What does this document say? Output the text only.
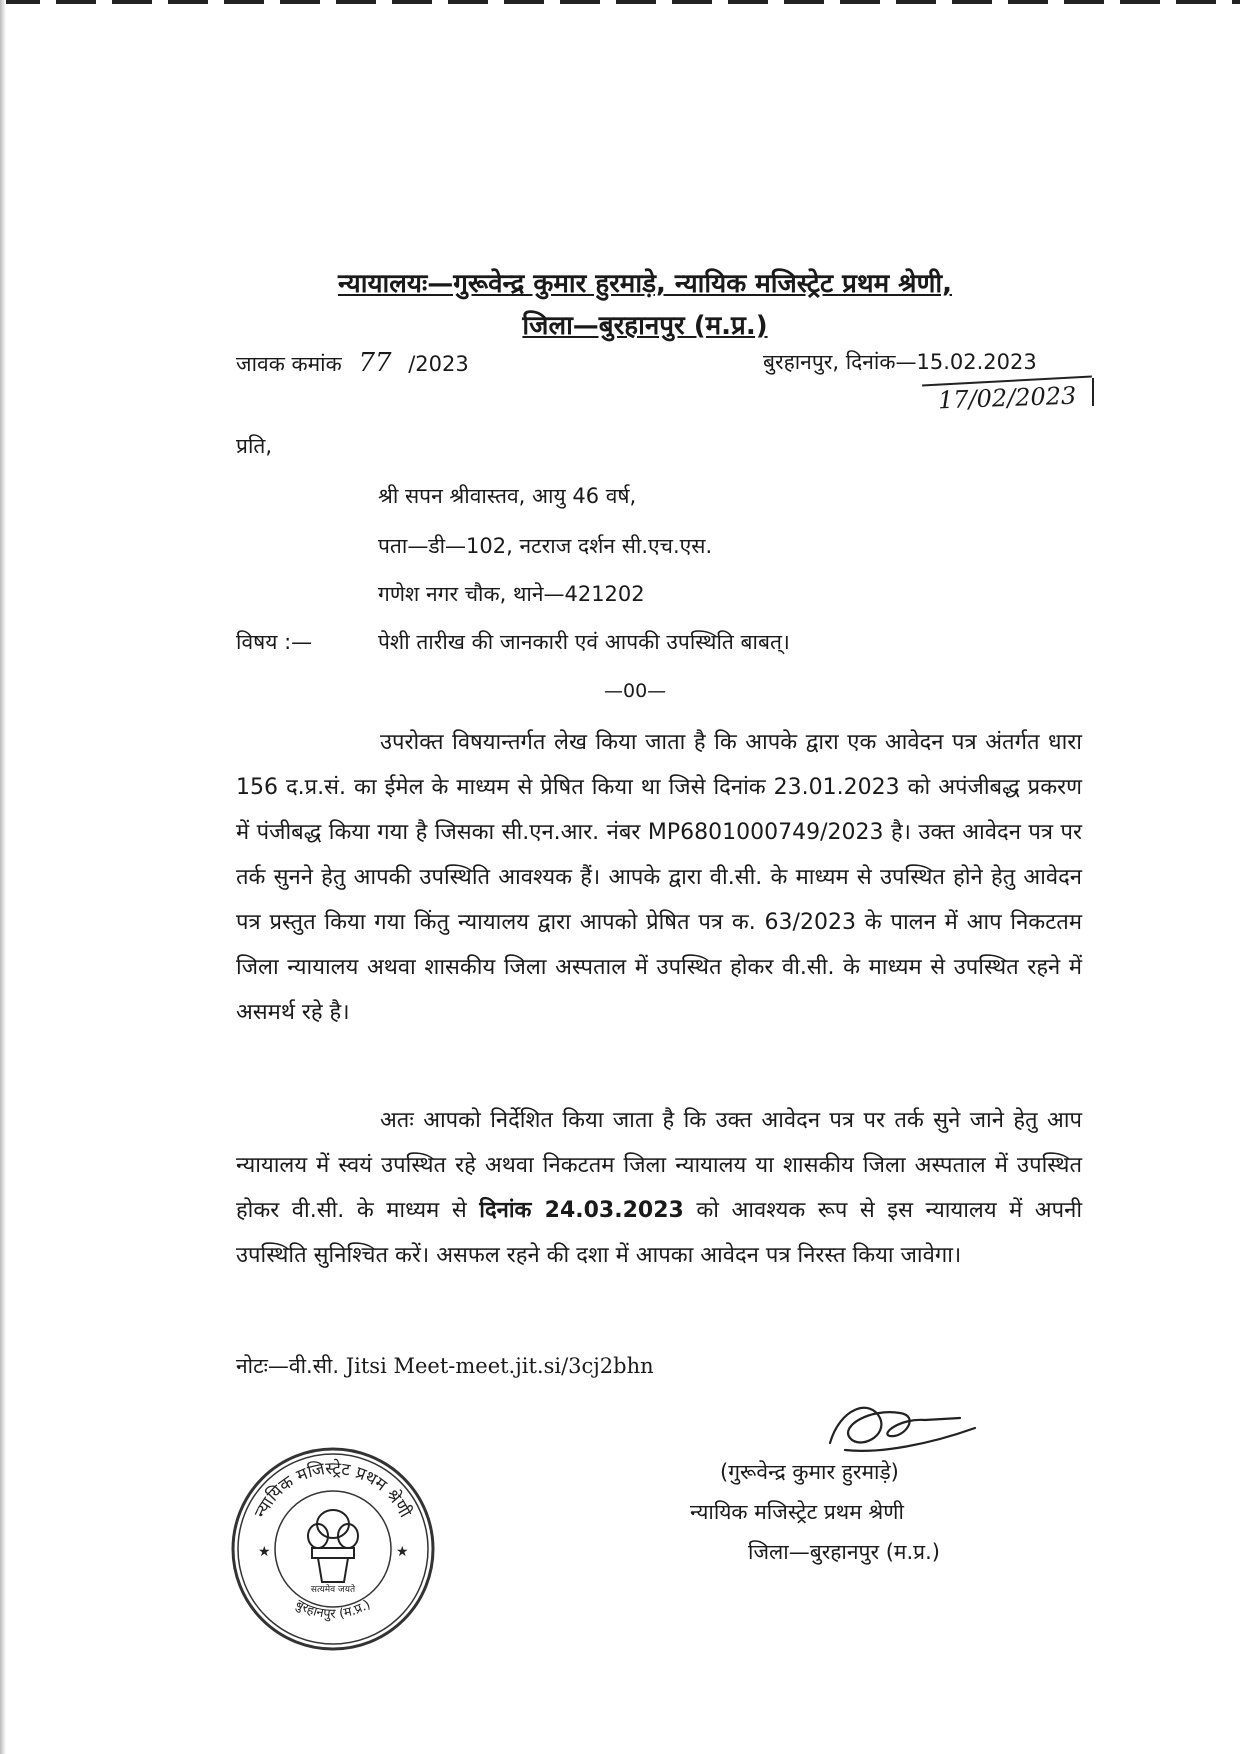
न्यायालयः—गुरूवेन्द्र कुमार हुरमाड़े, न्यायिक मजिस्ट्रेट प्रथम श्रेणी,
जिला—बुरहानपुर (म.प्र.)
जावक कमांक 77 /2023	बुरहानपुर, दिनांक—15.02.2023
17/02/2023
प्रति,
श्री सपन श्रीवास्तव, आयु 46 वर्ष,
पता—डी—102, नटराज दर्शन सी.एच.एस.
गणेश नगर चौक, थाने—421202
विषय :—	पेशी तारीख की जानकारी एवं आपकी उपस्थिति बाबत्।
—00—

उपरोक्त विषयान्तर्गत लेख किया जाता है कि आपके द्वारा एक आवेदन पत्र अंतर्गत धारा 156 द.प्र.सं. का ईमेल के माध्यम से प्रेषित किया था जिसे दिनांक 23.01.2023 को अपंजीबद्ध प्रकरण में पंजीबद्ध किया गया है जिसका सी.एन.आर. नंबर MP6801000749/2023 है। उक्त आवेदन पत्र पर तर्क सुनने हेतु आपकी उपस्थिति आवश्यक हैं। आपके द्वारा वी.सी. के माध्यम से उपस्थित होने हेतु आवेदन पत्र प्रस्तुत किया गया किंतु न्यायालय द्वारा आपको प्रेषित पत्र क. 63/2023 के पालन में आप निकटतम जिला न्यायालय अथवा शासकीय जिला अस्पताल में उपस्थित होकर वी.सी. के माध्यम से उपस्थित रहने में असमर्थ रहे है।

अतः आपको निर्देशित किया जाता है कि उक्त आवेदन पत्र पर तर्क सुने जाने हेतु आप न्यायालय में स्वयं उपस्थित रहे अथवा निकटतम जिला न्यायालय या शासकीय जिला अस्पताल में उपस्थित होकर वी.सी. के माध्यम से दिनांक 24.03.2023 को आवश्यक रूप से इस न्यायालय में अपनी उपस्थिति सुनिश्चित करें। असफल रहने की दशा में आपका आवेदन पत्र निरस्त किया जावेगा।

नोटः—वी.सी. Jitsi Meet-meet.jit.si/3cj2bhn
न्यायिक मजिस्ट्रेट प्रथम श्रेणी
बुरहानपुर (म.प्र.)
★	★
सत्यमेव जयते
(गुरूवेन्द्र कुमार हुरमाड़े)
न्यायिक मजिस्ट्रेट प्रथम श्रेणी
जिला—बुरहानपुर (म.प्र.)
